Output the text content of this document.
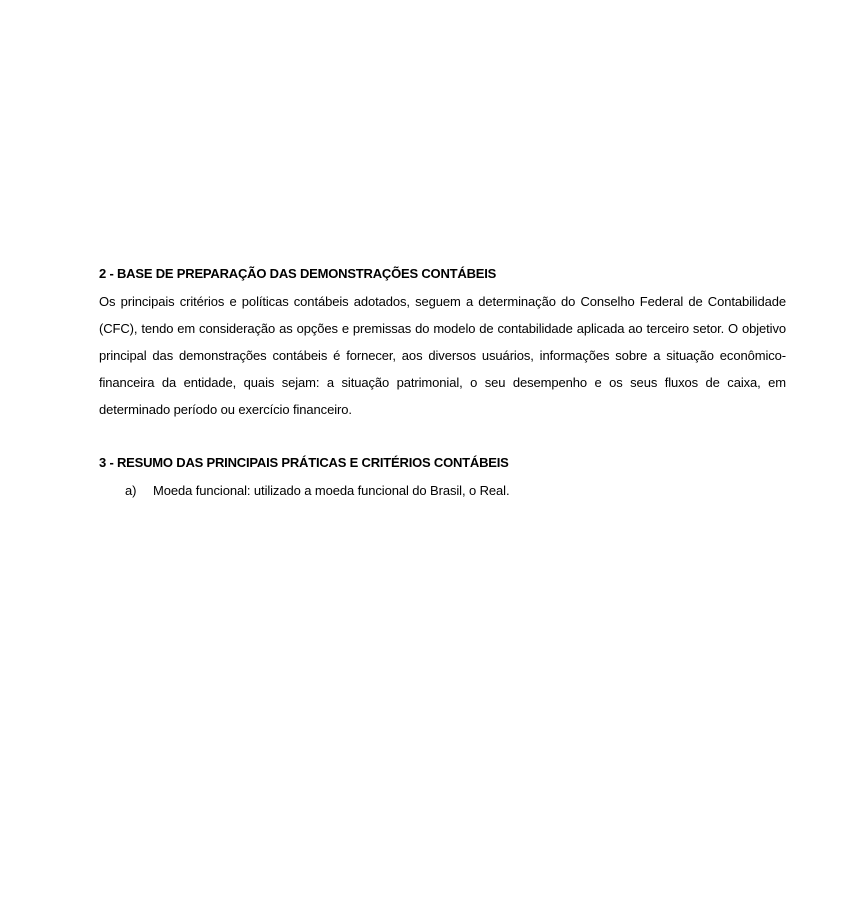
2 - BASE DE PREPARAÇÃO DAS DEMONSTRAÇÕES CONTÁBEIS

Os principais critérios e políticas contábeis adotados, seguem a determinação do Conselho Federal de Contabilidade (CFC), tendo em consideração as opções e premissas do modelo de contabilidade aplicada ao terceiro setor. O objetivo principal das demonstrações contábeis é fornecer, aos diversos usuários, informações sobre a situação econômico-financeira da entidade, quais sejam: a situação patrimonial, o seu desempenho e os seus fluxos de caixa, em determinado período ou exercício financeiro.

3 - RESUMO DAS PRINCIPAIS PRÁTICAS E CRITÉRIOS CONTÁBEIS
a)	Moeda funcional: utilizado a moeda funcional do Brasil, o Real.
